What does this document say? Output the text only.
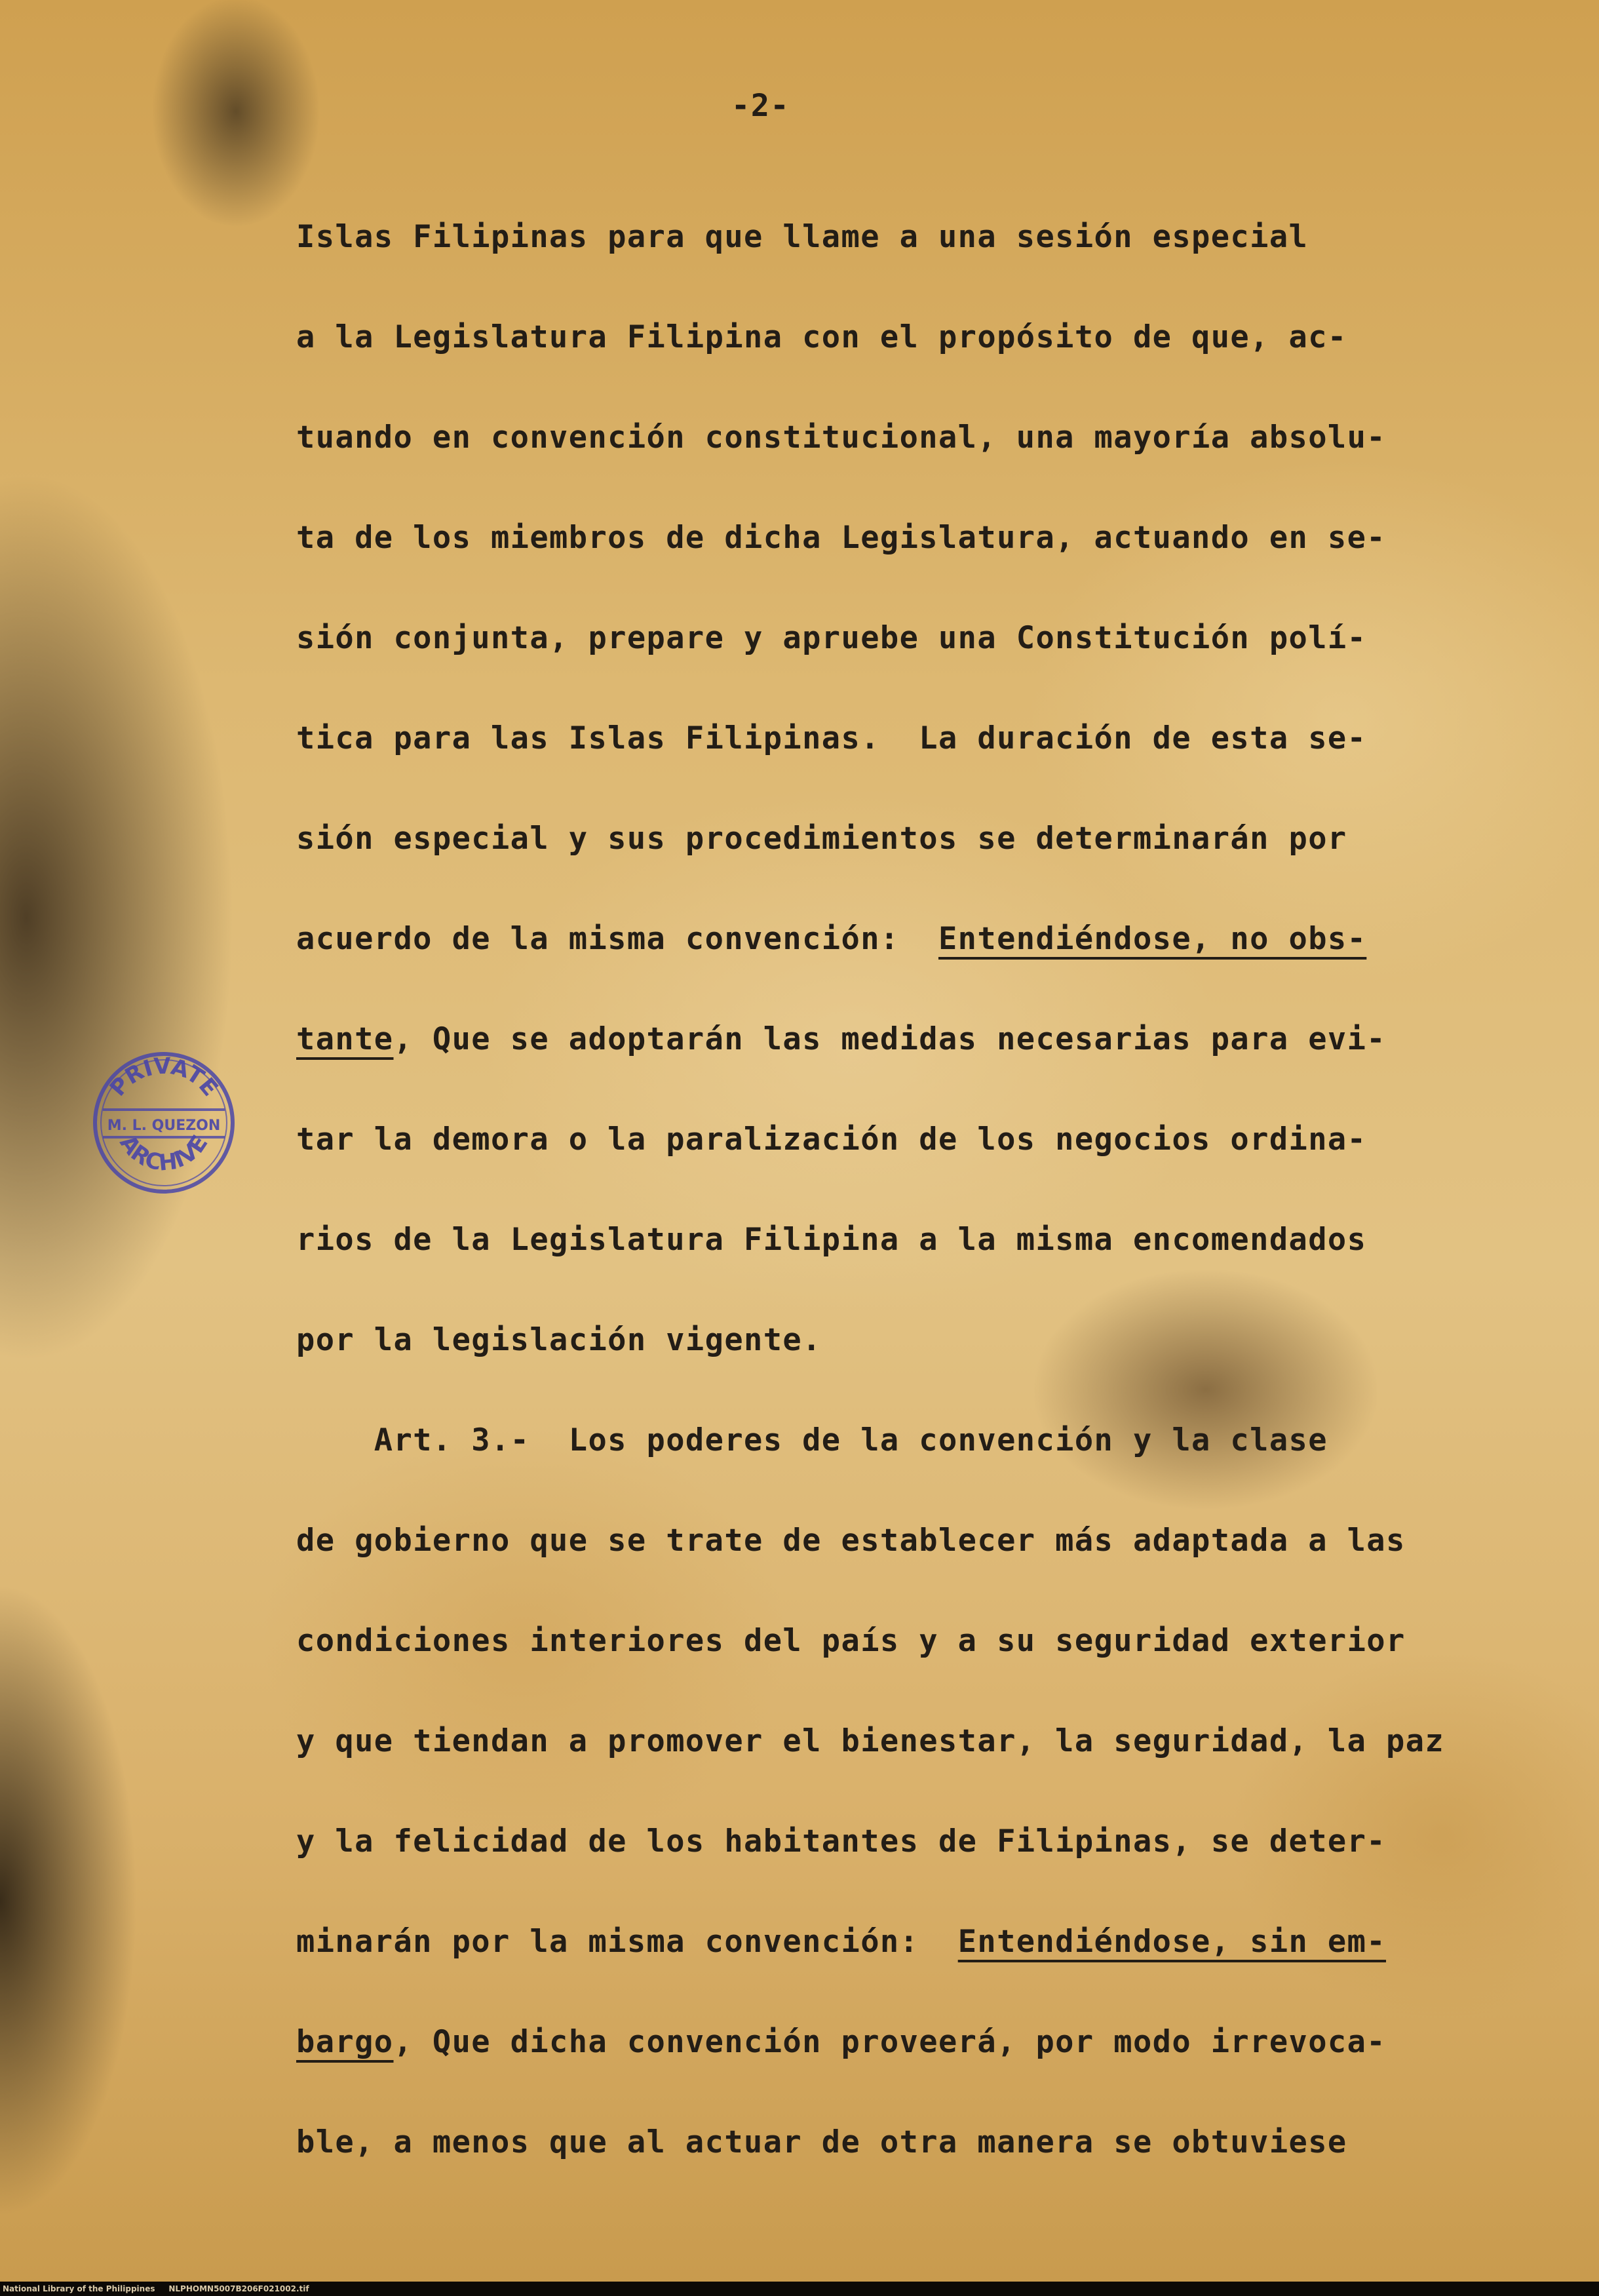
-2-
Islas Filipinas para que llame a una sesión especial
a la Legislatura Filipina con el propósito de que, ac-
tuando en convención constitucional, una mayoría absolu-
ta de los miembros de dicha Legislatura, actuando en se-
sión conjunta, prepare y apruebe una Constitución polí-
tica para las Islas Filipinas.  La duración de esta se-
sión especial y sus procedimientos se determinarán por
acuerdo de la misma convención:  Entendiéndose, no obs-
tante, Que se adoptarán las medidas necesarias para evi-
tar la demora o la paralización de los negocios ordina-
rios de la Legislatura Filipina a la misma encomendados
por la legislación vigente.
Art. 3.-  Los poderes de la convención y la clase
de gobierno que se trate de establecer más adaptada a las
condiciones interiores del país y a su seguridad exterior
y que tiendan a promover el bienestar, la seguridad, la paz
y la felicidad de los habitantes de Filipinas, se deter-
minarán por la misma convención:  Entendiéndose, sin em-
bargo, Que dicha convención proveerá, por modo irrevoca-
ble, a menos que al actuar de otra manera se obtuviese
PRIVATE
M. L. QUEZON
ARCHIVE
National Library of the Philippines     NLPHOMN5007B206F021002.tif
